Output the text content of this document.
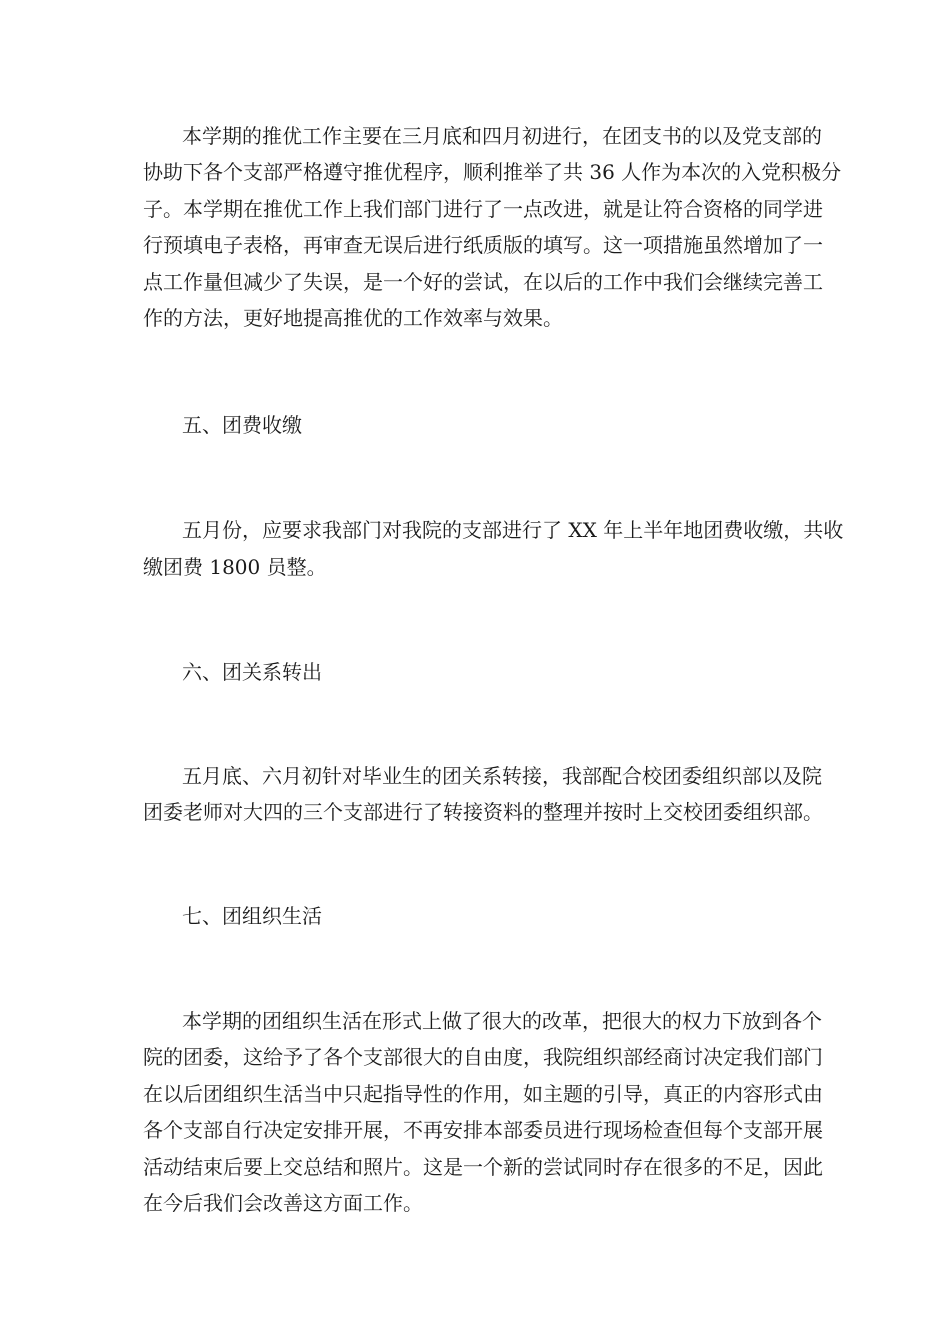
本学期的推优工作主要在三月底和四月初进行，在团支书的以及党支部的

协助下各个支部严格遵守推优程序，顺利推举了共 36 人作为本次的入党积极分

子。本学期在推优工作上我们部门进行了一点改进，就是让符合资格的同学进

行预填电子表格，再审查无误后进行纸质版的填写。这一项措施虽然增加了一

点工作量但减少了失误，是一个好的尝试，在以后的工作中我们会继续完善工

作的方法，更好地提高推优的工作效率与效果。

五、团费收缴

五月份，应要求我部门对我院的支部进行了 XX 年上半年地团费收缴，共收

缴团费 1800 员整。

六、团关系转出

五月底、六月初针对毕业生的团关系转接，我部配合校团委组织部以及院

团委老师对大四的三个支部进行了转接资料的整理并按时上交校团委组织部。

七、团组织生活

本学期的团组织生活在形式上做了很大的改革，把很大的权力下放到各个

院的团委，这给予了各个支部很大的自由度，我院组织部经商讨决定我们部门

在以后团组织生活当中只起指导性的作用，如主题的引导，真正的内容形式由

各个支部自行决定安排开展，不再安排本部委员进行现场检查但每个支部开展

活动结束后要上交总结和照片。这是一个新的尝试同时存在很多的不足，因此

在今后我们会改善这方面工作。
